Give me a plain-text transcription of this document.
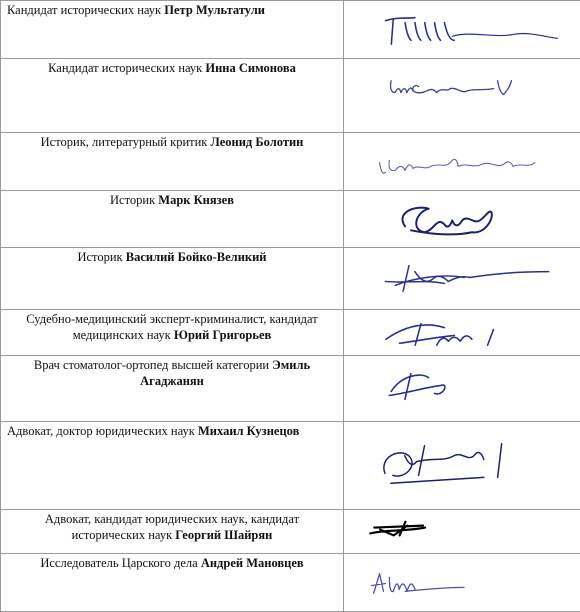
Кандидат исторических наук Петр Мультатули	

Кандидат исторических наук Инна Симонова	

Историк, литературный критик Леонид Болотин	

Историк Марк Князев	

Историк Василий Бойко-Великий	

Судебно-медицинский эксперт-криминалист, кандидат медицинских наук Юрий Григорьев	

Врач стоматолог-ортопед высшей категории Эмиль Агаджанян	

Адвокат, доктор юридических наук Михаил Кузнецов	

Адвокат, кандидат юридических наук, кандидат исторических наук Георгий Шайрян	

Исследователь Царского дела Андрей Мановцев	
